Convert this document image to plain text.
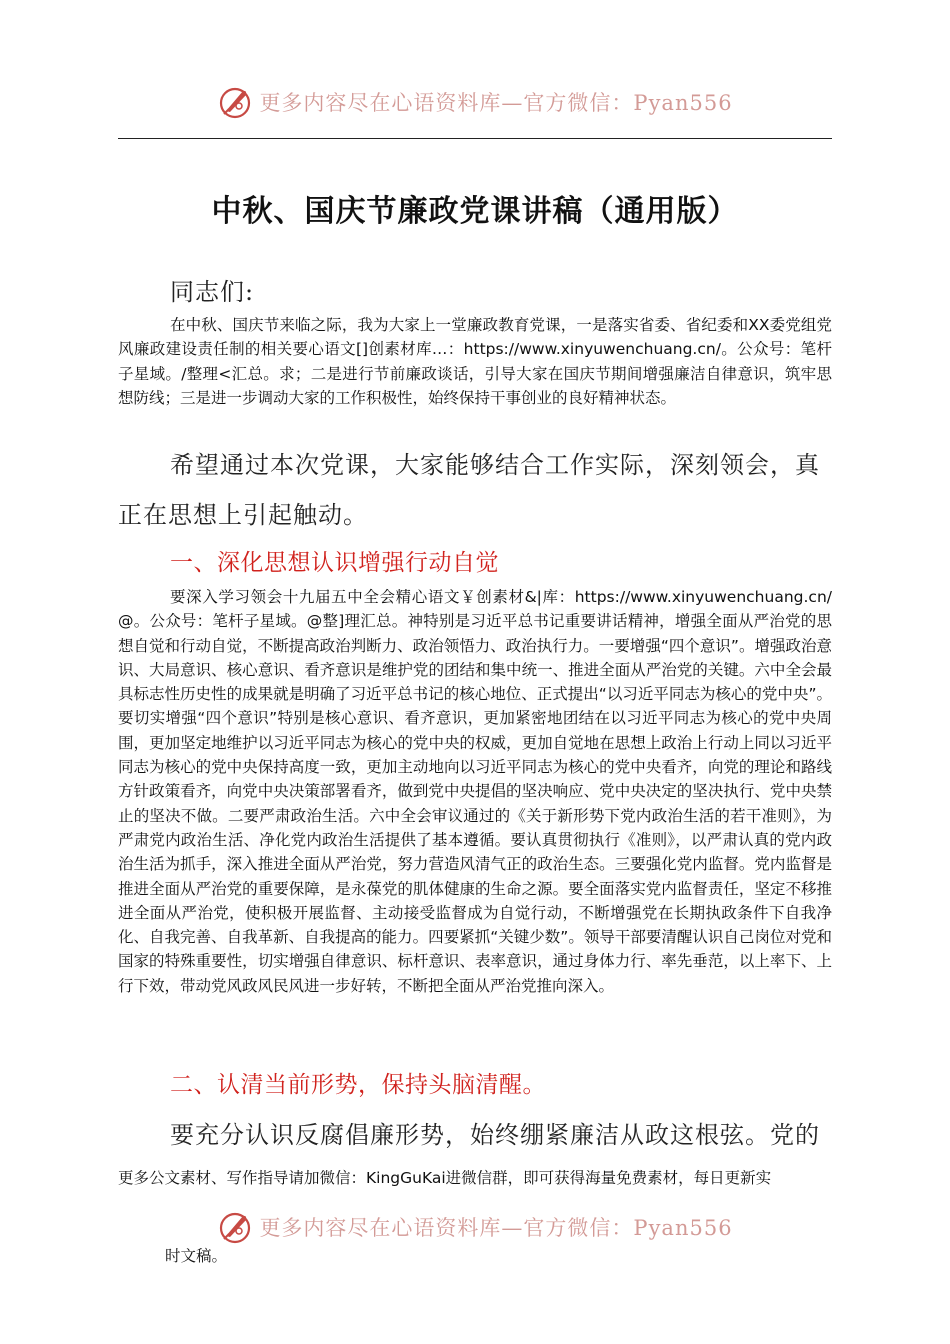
更多内容尽在心语资料库—官方微信：Pyan556
中秋、国庆节廉政党课讲稿（通用版）
同志们:
在中秋、国庆节来临之际，我为大家上一堂廉政教育党课，一是落实省委、省纪委和XX委党组党风廉政建设责任制的相关要心语文[]创素材库…：https://www.xinyuwenchuang.cn/。公众号：笔杆子星域。/整理<汇总。求；二是进行节前廉政谈话，引导大家在国庆节期间增强廉洁自律意识，筑牢思想防线；三是进一步调动大家的工作积极性，始终保持干事创业的良好精神状态。
希望通过本次党课，大家能够结合工作实际，深刻领会，真正在思想上引起触动。
一、深化思想认识增强行动自觉
要深入学习领会十九届五中全会精心语文￥创素材&|库：https://www.xinyuwenchuang.cn/@。公众号：笔杆子星域。@整]理汇总。神特别是习近平总书记重要讲话精神，增强全面从严治党的思想自觉和行动自觉，不断提高政治判断力、政治领悟力、政治执行力。一要增强“四个意识”。增强政治意识、大局意识、核心意识、看齐意识是维护党的团结和集中统一、推进全面从严治党的关键。六中全会最具标志性历史性的成果就是明确了习近平总书记的核心地位、正式提出“以习近平同志为核心的党中央”。要切实增强“四个意识”特别是核心意识、看齐意识，更加紧密地团结在以习近平同志为核心的党中央周围，更加坚定地维护以习近平同志为核心的党中央的权威，更加自觉地在思想上政治上行动上同以习近平同志为核心的党中央保持高度一致，更加主动地向以习近平同志为核心的党中央看齐，向党的理论和路线方针政策看齐，向党中央决策部署看齐，做到党中央提倡的坚决响应、党中央决定的坚决执行、党中央禁止的坚决不做。二要严肃政治生活。六中全会审议通过的《关于新形势下党内政治生活的若干准则》，为严肃党内政治生活、净化党内政治生活提供了基本遵循。要认真贯彻执行《准则》，以严肃认真的党内政治生活为抓手，深入推进全面从严治党，努力营造风清气正的政治生态。三要强化党内监督。党内监督是推进全面从严治党的重要保障，是永葆党的肌体健康的生命之源。要全面落实党内监督责任，坚定不移推进全面从严治党，使积极开展监督、主动接受监督成为自觉行动，不断增强党在长期执政条件下自我净化、自我完善、自我革新、自我提高的能力。四要紧抓“关键少数”。领导干部要清醒认识自己岗位对党和国家的特殊重要性，切实增强自律意识、标杆意识、表率意识，通过身体力行、率先垂范，以上率下、上行下效，带动党风政风民风进一步好转，不断把全面从严治党推向深入。
二、认清当前形势，保持头脑清醒。
要充分认识反腐倡廉形势，始终绷紧廉洁从政这根弦。党的
更多公文素材、写作指导请加微信：KingGuKai进微信群，即可获得海量免费素材，每日更新实
更多内容尽在心语资料库—官方微信：Pyan556
时文稿。
